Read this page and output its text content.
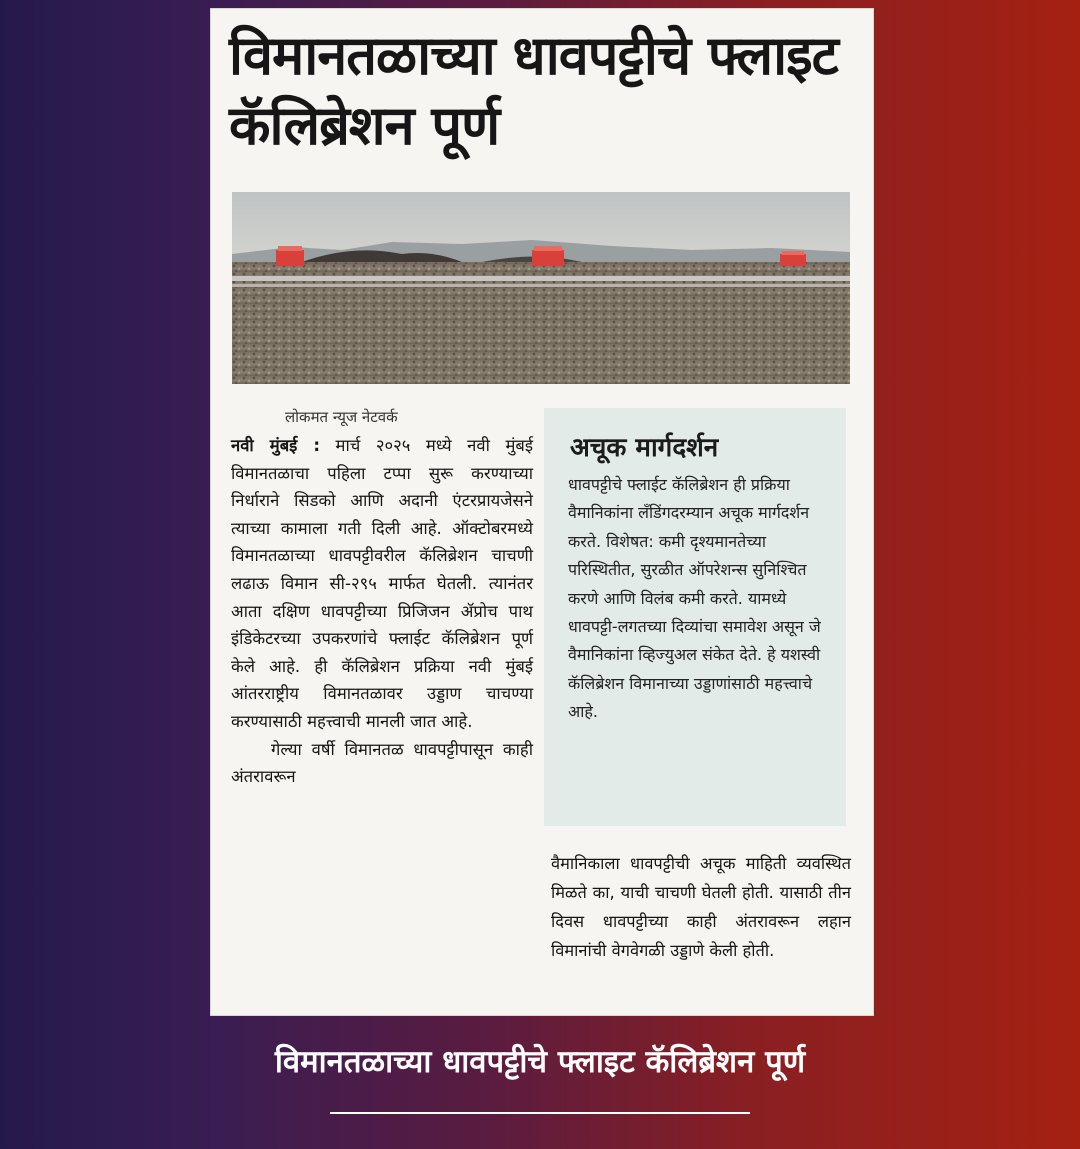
विमानतळाच्या धावपट्टीचे फ्लाइट कॅलिब्रेशन पूर्ण
लोकमत न्यूज नेटवर्क

नवी मुंबई : मार्च २०२५ मध्ये नवी मुंबई विमानतळाचा पहिला टप्पा सुरू करण्याच्या निर्धाराने सिडको आणि अदानी एंटरप्रायजेसने त्याच्या कामाला गती दिली आहे. ऑक्टोबरमध्ये विमानतळाच्या धावपट्टीवरील कॅलिब्रेशन चाचणी लढाऊ विमान सी-२९५ मार्फत घेतली. त्यानंतर आता दक्षिण धावपट्टीच्या प्रिजिजन ॲप्रोच पाथ इंडिकेटरच्या उपकरणांचे फ्लाईट कॅलिब्रेशन पूर्ण केले आहे. ही कॅलिब्रेशन प्रक्रिया नवी मुंबई आंतरराष्ट्रीय विमानतळावर उड्डाण चाचण्या करण्यासाठी महत्त्वाची मानली जात आहे.

गेल्या वर्षी विमानतळ धावपट्टीपासून काही अंतरावरून

अचूक मार्गदर्शन
धावपट्टीचे फ्लाईट कॅलिब्रेशन ही प्रक्रिया वैमानिकांना लँडिंगदरम्यान अचूक मार्गदर्शन करते. विशेषत: कमी दृश्यमानतेच्या परिस्थितीत, सुरळीत ऑपरेशन्स सुनिश्चित करणे आणि विलंब कमी करते. यामध्ये धावपट्टी-लगतच्या दिव्यांचा समावेश असून जे वैमानिकांना व्हिज्युअल संकेत देते. हे यशस्वी कॅलिब्रेशन विमानाच्या उड्डाणांसाठी महत्त्वाचे आहे.
वैमानिकाला धावपट्टीची अचूक माहिती व्यवस्थित मिळते का, याची चाचणी घेतली होती. यासाठी तीन दिवस धावपट्टीच्या काही अंतरावरून लहान विमानांची वेगवेगळी उड्डाणे केली होती.
विमानतळाच्या धावपट्टीचे फ्लाइट कॅलिब्रेशन पूर्ण
